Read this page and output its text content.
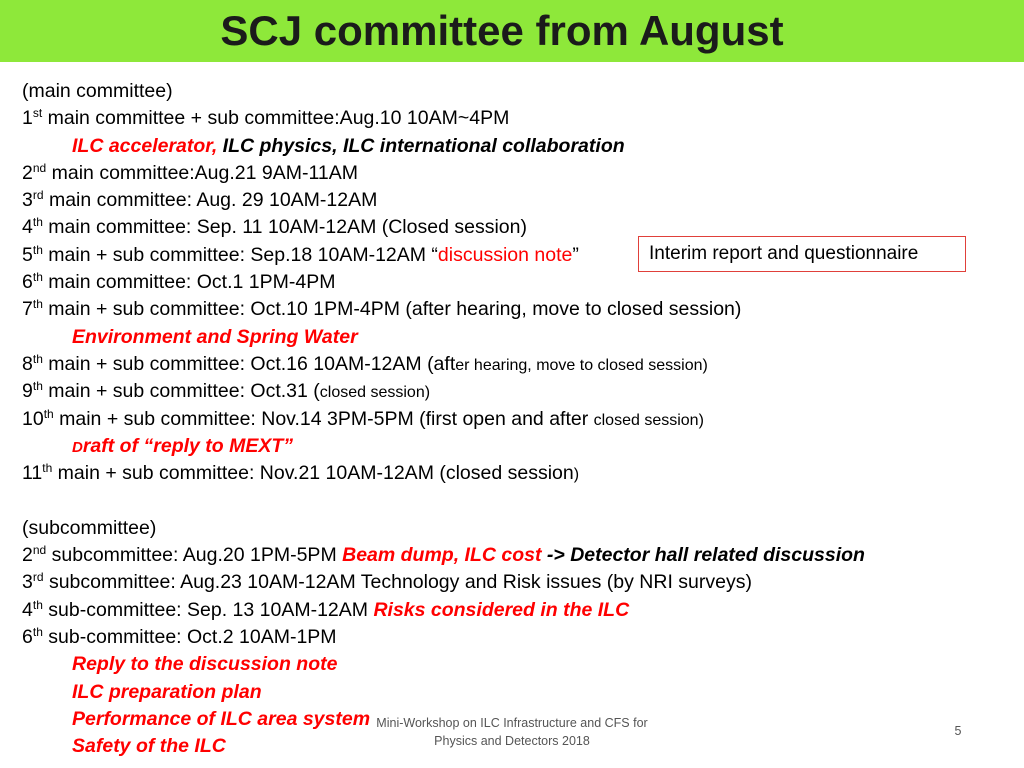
SCJ committee from August
(main committee)
1st main committee + sub committee:Aug.10 10AM~4PM
ILC accelerator, ILC physics, ILC international collaboration
2nd main committee:Aug.21 9AM-11AM
3rd main committee: Aug. 29 10AM-12AM
4th main committee: Sep. 11 10AM-12AM (Closed session)
5th main + sub committee: Sep.18 10AM-12AM “discussion note”
6th main committee: Oct.1 1PM-4PM
7th main + sub committee: Oct.10 1PM-4PM (after hearing, move to closed session)
Environment and Spring Water
8th main + sub committee: Oct.16 10AM-12AM (after hearing, move to closed session)
9th main + sub committee: Oct.31 (closed session)
10th main + sub committee: Nov.14 3PM-5PM (first open and after closed session)
Draft of “reply to MEXT”
11th main + sub committee: Nov.21 10AM-12AM (closed session)
(subcommittee)
2nd subcommittee: Aug.20 1PM-5PM Beam dump, ILC cost -> Detector hall related discussion
3rd subcommittee: Aug.23 10AM-12AM Technology and Risk issues (by NRI surveys)
4th sub-committee: Sep. 13 10AM-12AM Risks considered in the ILC
6th sub-committee: Oct.2 10AM-1PM
Reply to the discussion note
ILC preparation plan
Performance of ILC area system
Safety of the ILC
Interim report and questionnaire
Mini-Workshop on ILC Infrastructure and CFS for
Physics and Detectors 2018
5
